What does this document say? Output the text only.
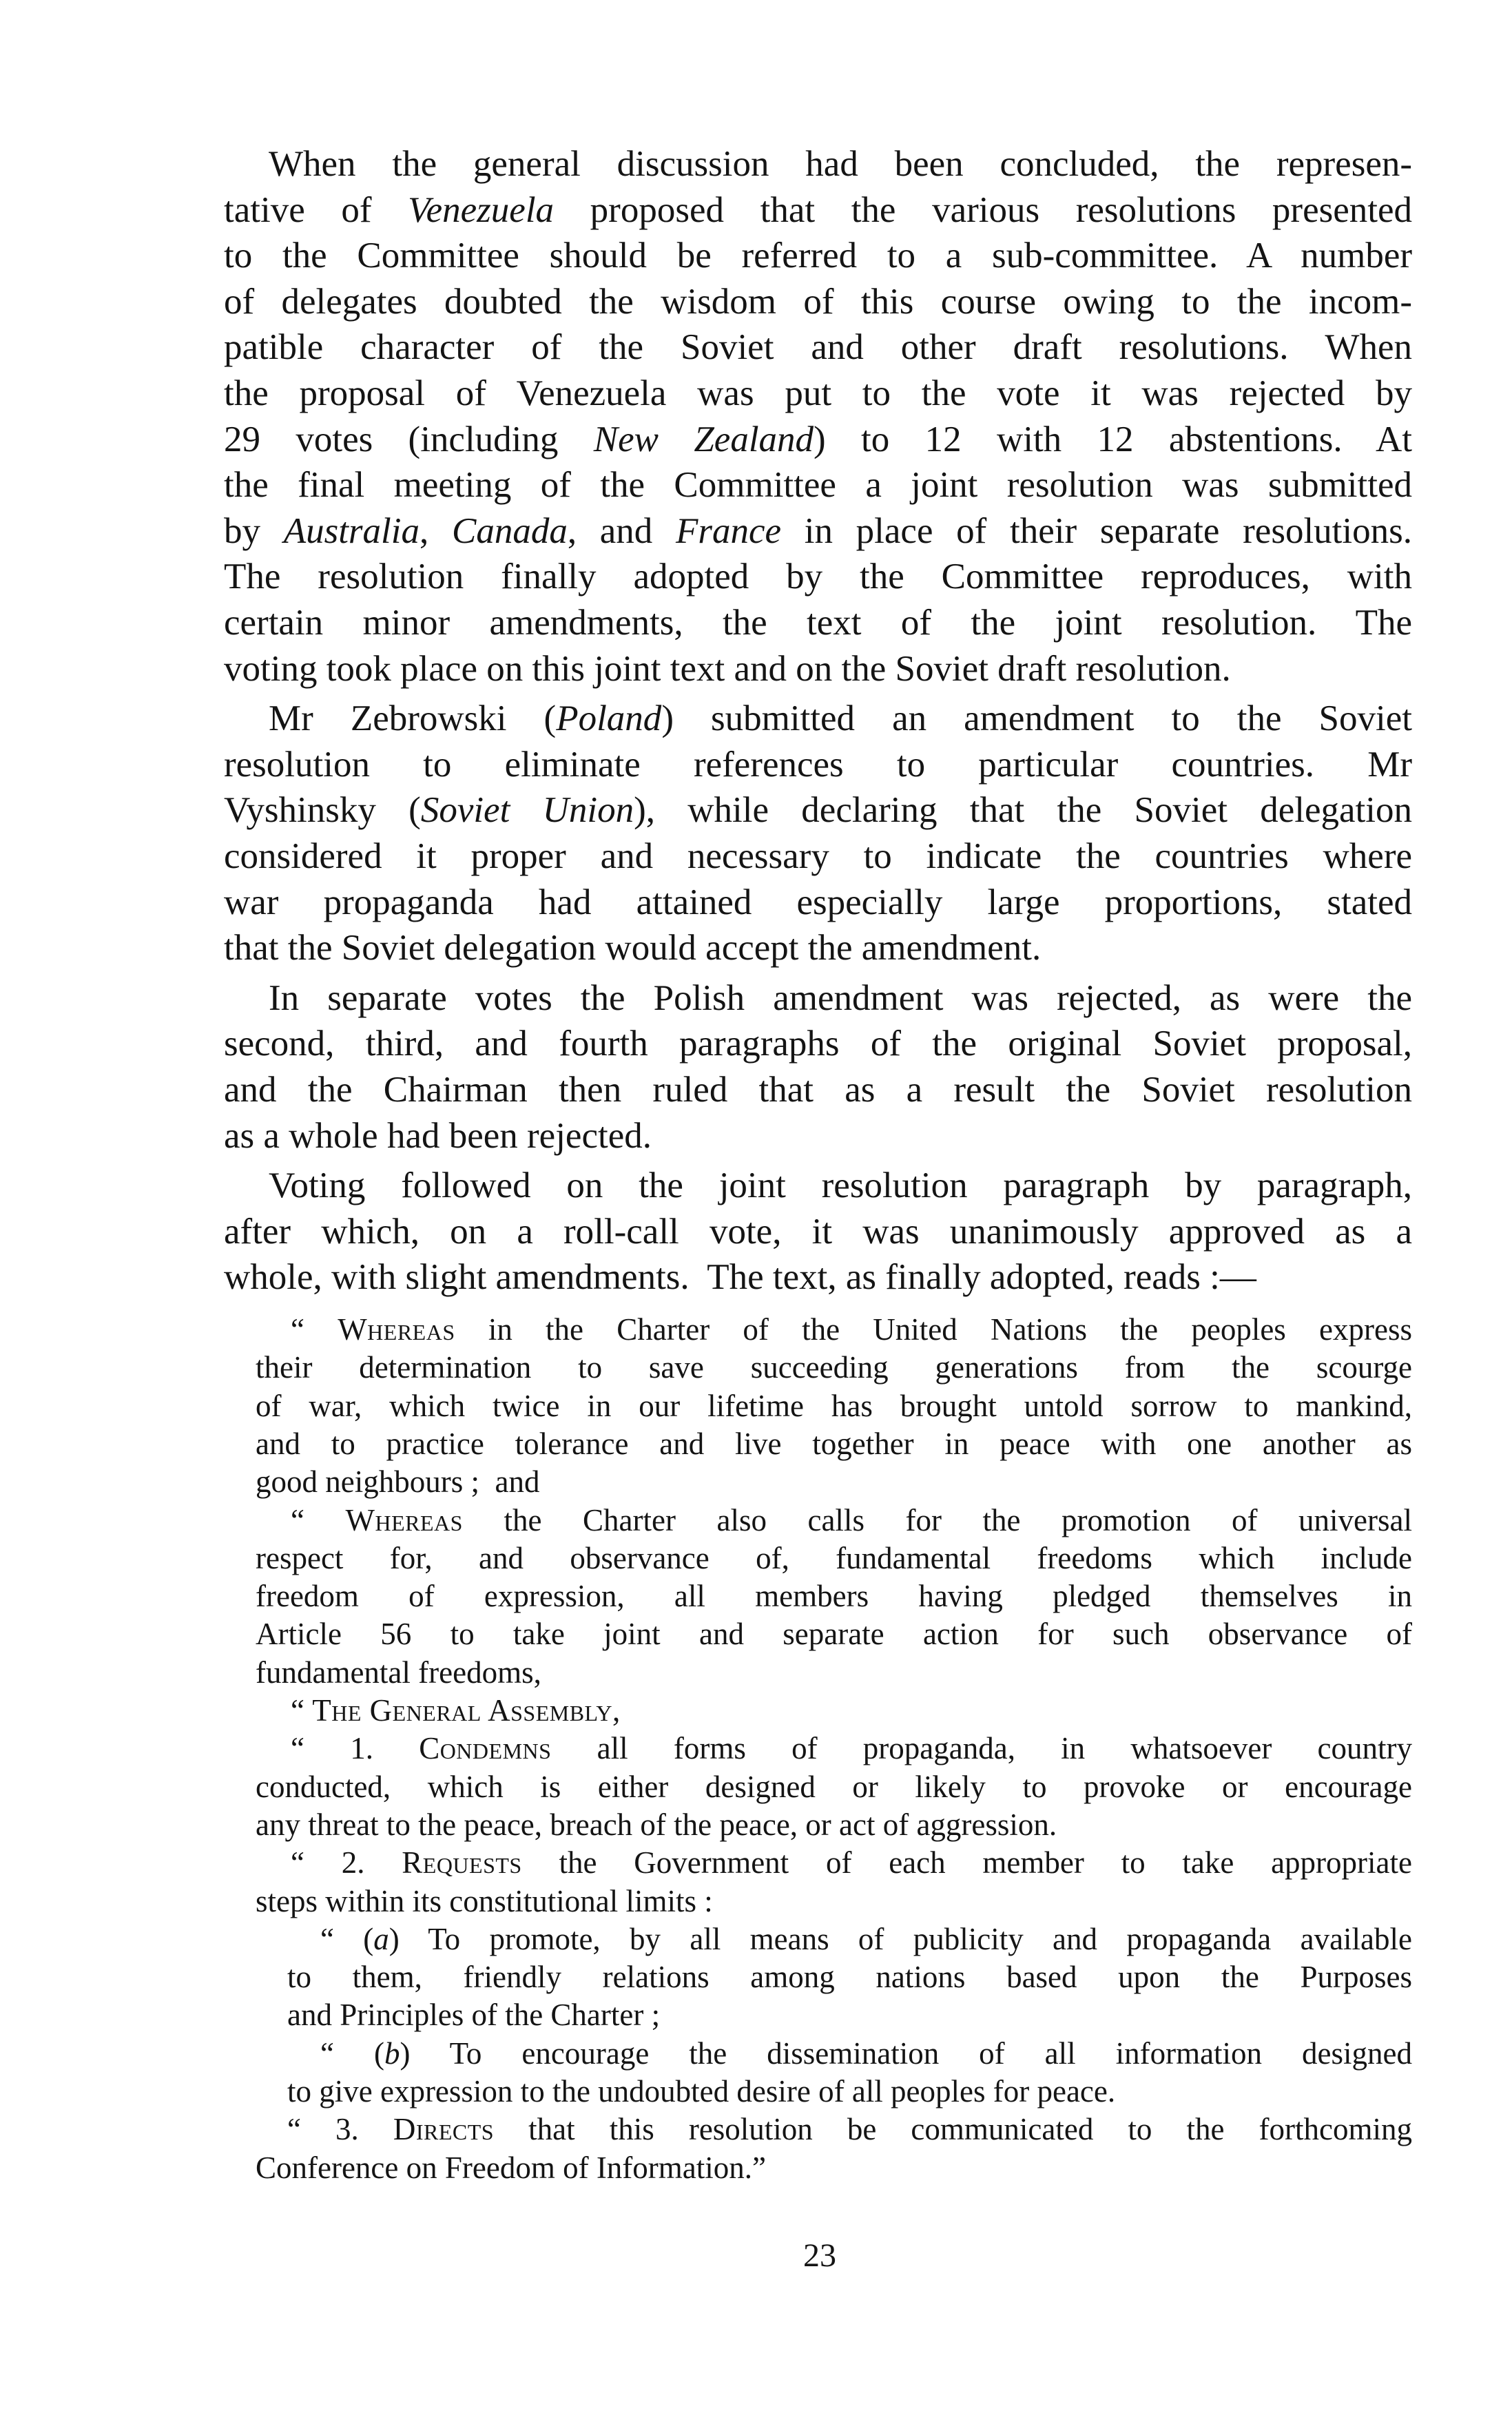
When the general discussion had been concluded, the represen-
tative of Venezuela proposed that the various resolutions presented
to the Committee should be referred to a sub-committee. A number
of delegates doubted the wisdom of this course owing to the incom-
patible character of the Soviet and other draft resolutions. When
the proposal of Venezuela was put to the vote it was rejected by
29 votes (including New Zealand) to 12 with 12 abstentions. At
the final meeting of the Committee a joint resolution was submitted
by Australia, Canada, and France in place of their separate resolutions.
The resolution finally adopted by the Committee reproduces, with
certain minor amendments, the text of the joint resolution. The
voting took place on this joint text and on the Soviet draft resolution.
Mr Zebrowski (Poland) submitted an amendment to the Soviet
resolution to eliminate references to particular countries. Mr
Vyshinsky (Soviet Union), while declaring that the Soviet delegation
considered it proper and necessary to indicate the countries where
war propaganda had attained especially large proportions, stated
that the Soviet delegation would accept the amendment.
In separate votes the Polish amendment was rejected, as were the
second, third, and fourth paragraphs of the original Soviet proposal,
and the Chairman then ruled that as a result the Soviet resolution
as a whole had been rejected.
Voting followed on the joint resolution paragraph by paragraph,
after which, on a roll-call vote, it was unanimously approved as a
whole, with slight amendments.  The text, as finally adopted, reads :—
“ Whereas in the Charter of the United Nations the peoples express
their determination to save succeeding generations from the scourge
of war, which twice in our lifetime has brought untold sorrow to mankind,
and to practice tolerance and live together in peace with one another as
good neighbours ;  and
“ Whereas the Charter also calls for the promotion of universal
respect for, and observance of, fundamental freedoms which include
freedom of expression, all members having pledged themselves in
Article 56 to take joint and separate action for such observance of
fundamental freedoms,
“ The General Assembly,
“ 1. Condemns all forms of propaganda, in whatsoever country
conducted, which is either designed or likely to provoke or encourage
any threat to the peace, breach of the peace, or act of aggression.
“ 2. Requests the Government of each member to take appropriate
steps within its constitutional limits :
“ (a) To promote, by all means of publicity and propaganda available
to them, friendly relations among nations based upon the Purposes
and Principles of the Charter ;
“ (b) To encourage the dissemination of all information designed
to give expression to the undoubted desire of all peoples for peace.
“ 3. Directs that this resolution be communicated to the forthcoming
Conference on Freedom of Information.”
23
